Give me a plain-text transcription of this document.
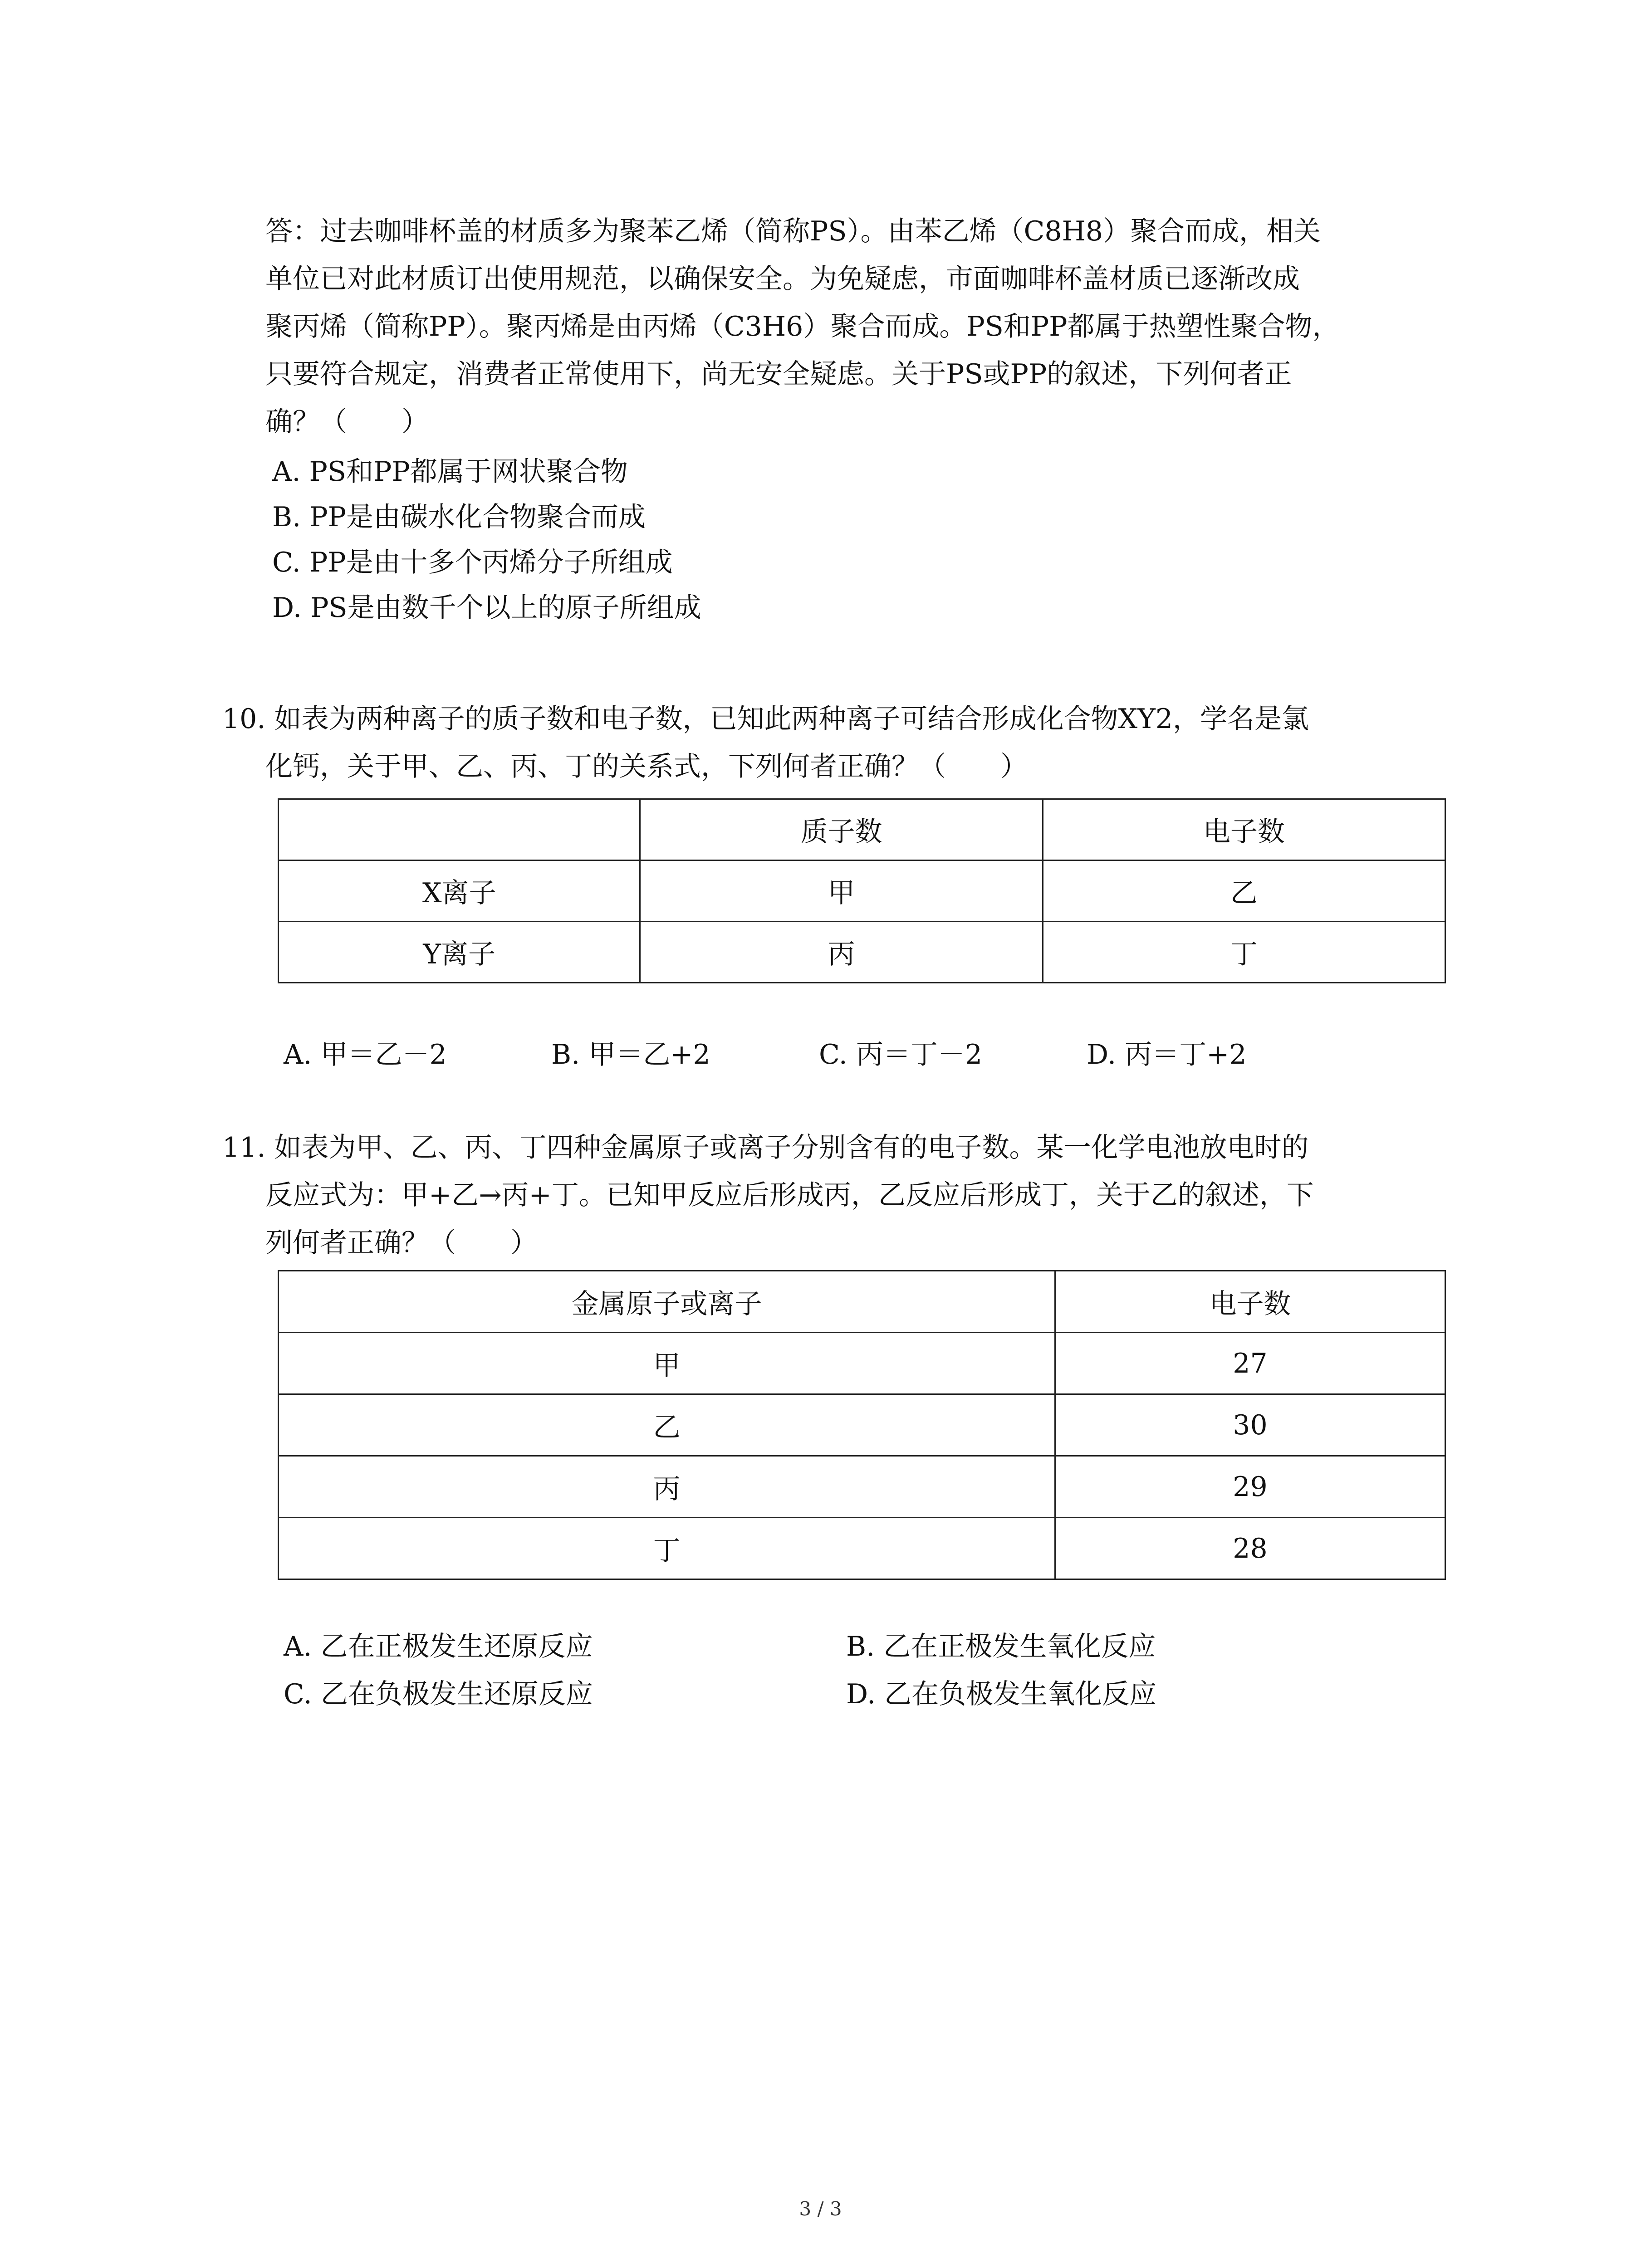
答：过去咖啡杯盖的材质多为聚苯乙烯（简称PS）。由苯乙烯（C8H8）聚合而成，相关
单位已对此材质订出使用规范，以确保安全。为免疑虑，市面咖啡杯盖材质已逐渐改成
聚丙烯（简称PP）。聚丙烯是由丙烯（C3H6）聚合而成。PS和PP都属于热塑性聚合物，
只要符合规定，消费者正常使用下，尚无安全疑虑。关于PS或PP的叙述，下列何者正
确？（　　）
A. PS和PP都属于网状聚合物
B. PP是由碳水化合物聚合而成
C. PP是由十多个丙烯分子所组成
D. PS是由数千个以上的原子所组成
10. 如表为两种离子的质子数和电子数，已知此两种离子可结合形成化合物XY2，学名是氯
化钙，关于甲、乙、丙、丁的关系式，下列何者正确？（　　）
	质子数	电子数
X离子	甲	乙
Y离子	丙	丁
A. 甲＝乙－2	B. 甲＝乙+2	C. 丙＝丁－2	D. 丙＝丁+2
11. 如表为甲、乙、丙、丁四种金属原子或离子分别含有的电子数。某一化学电池放电时的
反应式为：甲+乙→丙+丁。已知甲反应后形成丙，乙反应后形成丁，关于乙的叙述，下
列何者正确？（　　）
金属原子或离子	电子数
甲	27
乙	30
丙	29
丁	28
A. 乙在正极发生还原反应	B. 乙在正极发生氧化反应
C. 乙在负极发生还原反应	D. 乙在负极发生氧化反应
3 / 3
